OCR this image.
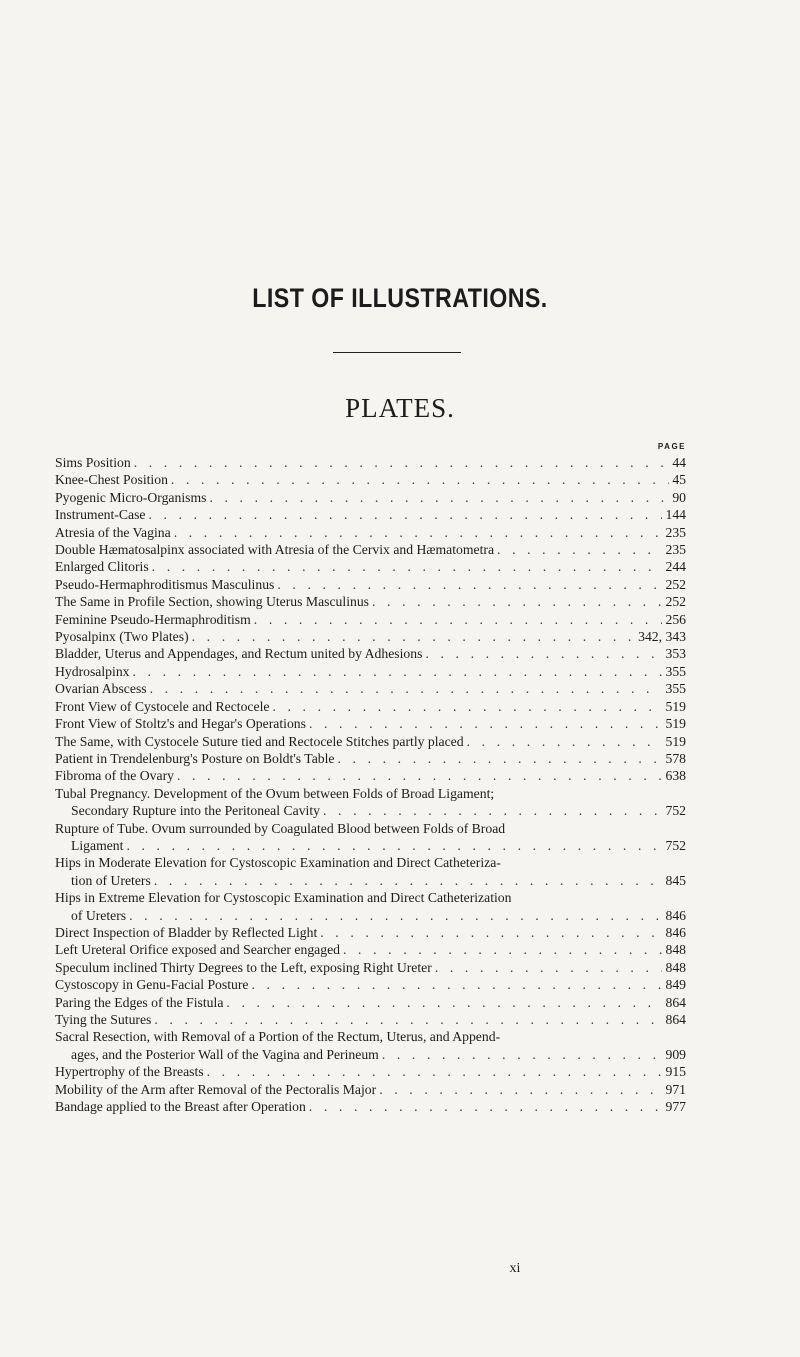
LIST OF ILLUSTRATIONS.
PLATES.
PAGE
Sims Position . . .	44
Knee-Chest Position . . .	45
Pyogenic Micro-Organisms . . .	90
Instrument-Case . . .	144
Atresia of the Vagina . . .	235
Double Hæmatosalpinx associated with Atresia of the Cervix and Hæmatometra . . .	235
Enlarged Clitoris . . .	244
Pseudo-Hermaphroditismus Masculinus . . .	252
The Same in Profile Section, showing Uterus Masculinus . . .	252
Feminine Pseudo-Hermaphroditism . . .	256
Pyosalpinx (Two Plates) . . .	342, 343
Bladder, Uterus and Appendages, and Rectum united by Adhesions . . .	353
Hydrosalpinx . . .	355
Ovarian Abscess . . .	355
Front View of Cystocele and Rectocele . . .	519
Front View of Stoltz's and Hegar's Operations . . .	519
The Same, with Cystocele Suture tied and Rectocele Stitches partly placed . . .	519
Patient in Trendelenburg's Posture on Boldt's Table . . .	578
Fibroma of the Ovary . . .	638
Tubal Pregnancy. Development of the Ovum between Folds of Broad Ligament;
Secondary Rupture into the Peritoneal Cavity . . .	752
Rupture of Tube. Ovum surrounded by Coagulated Blood between Folds of Broad
Ligament . . .	752
Hips in Moderate Elevation for Cystoscopic Examination and Direct Catheteriza-
tion of Ureters . . .	845
Hips in Extreme Elevation for Cystoscopic Examination and Direct Catheterization
of Ureters . . .	846
Direct Inspection of Bladder by Reflected Light . . .	846
Left Ureteral Orifice exposed and Searcher engaged . . .	848
Speculum inclined Thirty Degrees to the Left, exposing Right Ureter . . .	848
Cystoscopy in Genu-Facial Posture . . .	849
Paring the Edges of the Fistula . . .	864
Tying the Sutures . . .	864
Sacral Resection, with Removal of a Portion of the Rectum, Uterus, and Append-
ages, and the Posterior Wall of the Vagina and Perineum . . .	909
Hypertrophy of the Breasts . . .	915
Mobility of the Arm after Removal of the Pectoralis Major . . .	971
Bandage applied to the Breast after Operation . . .	977
xi
